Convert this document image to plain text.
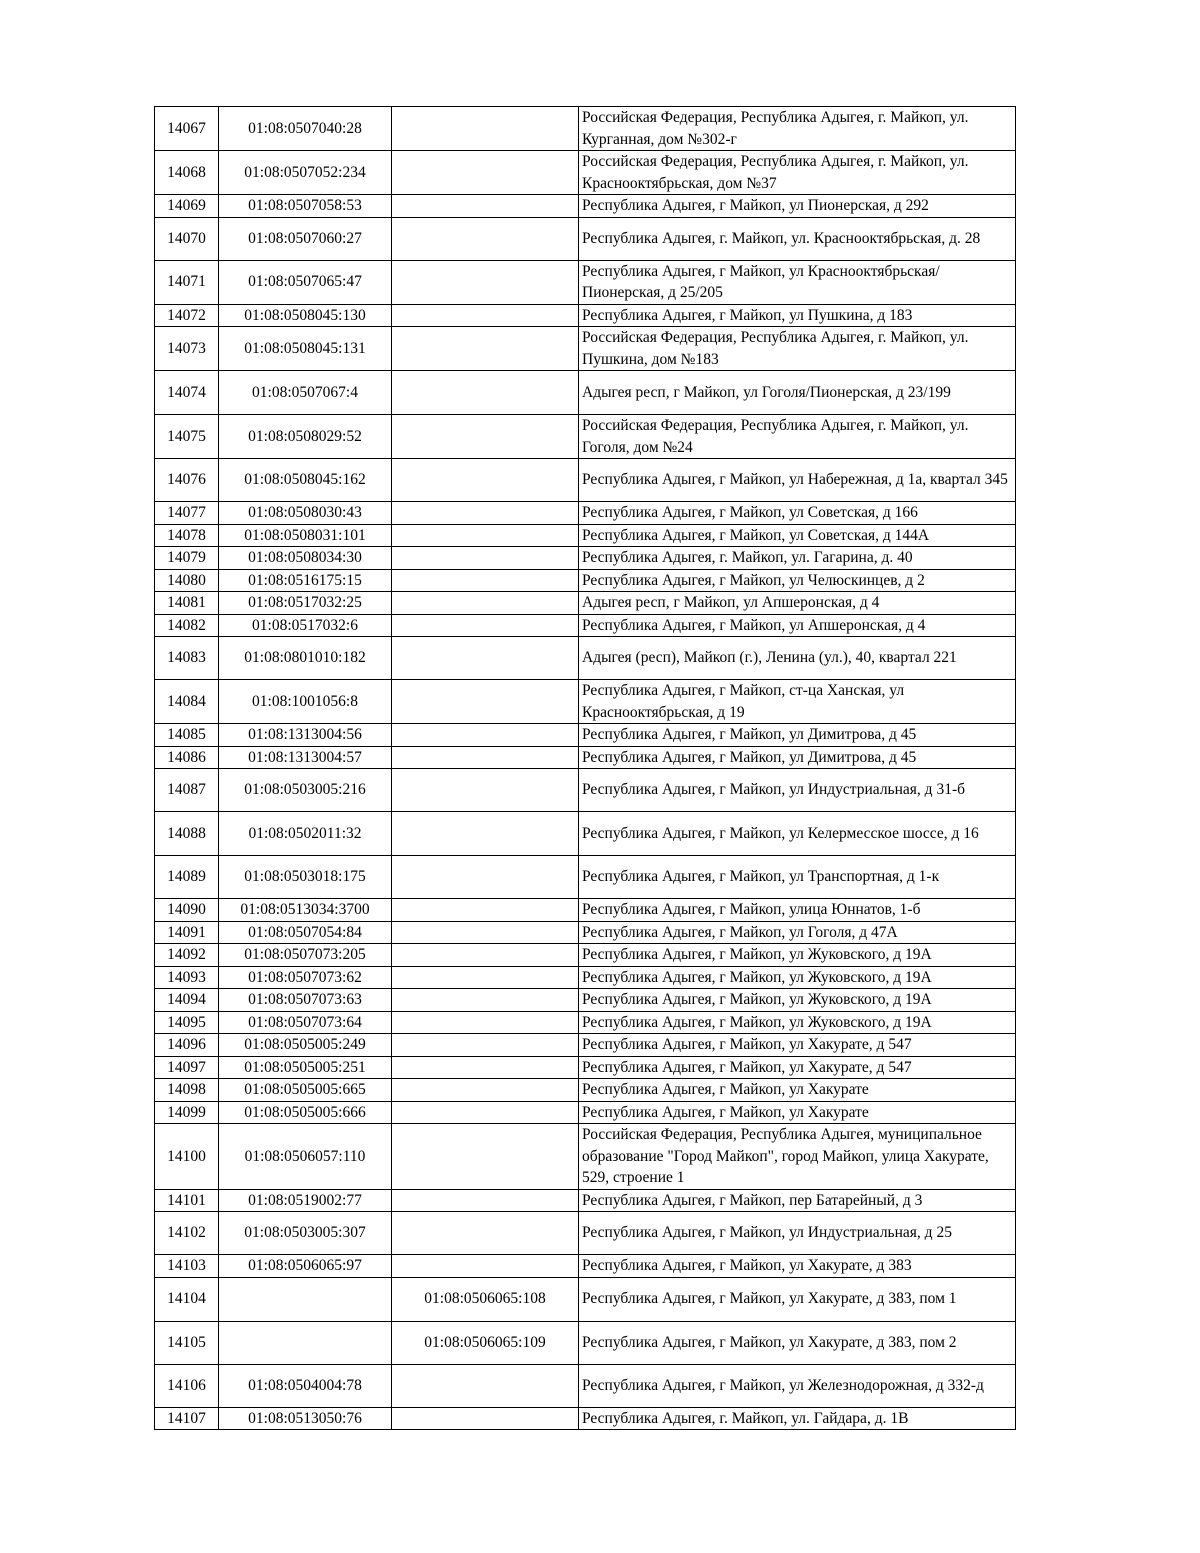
14067	01:08:0507040:28		Российская Федерация, Республика Адыгея, г. Майкоп, ул. Курганная, дом №302-г
14068	01:08:0507052:234		Российская Федерация, Республика Адыгея, г. Майкоп, ул. Краснооктябрьская, дом №37
14069	01:08:0507058:53		Республика Адыгея, г Майкоп, ул Пионерская, д 292
14070	01:08:0507060:27		Республика Адыгея, г. Майкоп, ул. Краснооктябрьская, д. 28
14071	01:08:0507065:47		Республика Адыгея, г Майкоп, ул Краснооктябрьская/Пионерская, д 25/205
14072	01:08:0508045:130		Республика Адыгея, г Майкоп, ул Пушкина, д 183
14073	01:08:0508045:131		Российская Федерация, Республика Адыгея, г. Майкоп, ул. Пушкина, дом №183
14074	01:08:0507067:4		Адыгея респ, г Майкоп, ул Гоголя/Пионерская, д 23/199
14075	01:08:0508029:52		Российская Федерация, Республика Адыгея, г. Майкоп, ул. Гоголя, дом №24
14076	01:08:0508045:162		Республика Адыгея, г Майкоп, ул Набережная, д 1а, квартал 345
14077	01:08:0508030:43		Республика Адыгея, г Майкоп, ул Советская, д 166
14078	01:08:0508031:101		Республика Адыгея, г Майкоп, ул Советская, д 144А
14079	01:08:0508034:30		Республика Адыгея, г. Майкоп, ул. Гагарина, д. 40
14080	01:08:0516175:15		Республика Адыгея, г Майкоп, ул Челюскинцев, д 2
14081	01:08:0517032:25		Адыгея респ, г Майкоп, ул Апшеронская, д 4
14082	01:08:0517032:6		Республика Адыгея, г Майкоп, ул Апшеронская, д 4
14083	01:08:0801010:182		Адыгея (респ), Майкоп (г.), Ленина (ул.), 40, квартал 221
14084	01:08:1001056:8		Республика Адыгея, г Майкоп, ст-ца Ханская, ул Краснооктябрьская, д 19
14085	01:08:1313004:56		Республика Адыгея, г Майкоп, ул Димитрова, д 45
14086	01:08:1313004:57		Республика Адыгея, г Майкоп, ул Димитрова, д 45
14087	01:08:0503005:216		Республика Адыгея, г Майкоп, ул Индустриальная, д 31-б
14088	01:08:0502011:32		Республика Адыгея, г Майкоп, ул Келермесское шоссе, д 16
14089	01:08:0503018:175		Республика Адыгея, г Майкоп, ул Транспортная, д 1-к
14090	01:08:0513034:3700		Республика Адыгея, г Майкоп, улица Юннатов, 1-б
14091	01:08:0507054:84		Республика Адыгея, г Майкоп, ул Гоголя, д 47А
14092	01:08:0507073:205		Республика Адыгея, г Майкоп, ул Жуковского, д 19А
14093	01:08:0507073:62		Республика Адыгея, г Майкоп, ул Жуковского, д 19А
14094	01:08:0507073:63		Республика Адыгея, г Майкоп, ул Жуковского, д 19А
14095	01:08:0507073:64		Республика Адыгея, г Майкоп, ул Жуковского, д 19А
14096	01:08:0505005:249		Республика Адыгея, г Майкоп, ул Хакурате, д 547
14097	01:08:0505005:251		Республика Адыгея, г Майкоп, ул Хакурате, д 547
14098	01:08:0505005:665		Республика Адыгея, г Майкоп, ул Хакурате
14099	01:08:0505005:666		Республика Адыгея, г Майкоп, ул Хакурате
14100	01:08:0506057:110		Российская Федерация, Республика Адыгея, муниципальное образование "Город Майкоп", город Майкоп, улица Хакурате, 529, строение 1
14101	01:08:0519002:77		Республика Адыгея, г Майкоп, пер Батарейный, д 3
14102	01:08:0503005:307		Республика Адыгея, г Майкоп, ул Индустриальная, д 25
14103	01:08:0506065:97		Республика Адыгея, г Майкоп, ул Хакурате, д 383
14104		01:08:0506065:108	Республика Адыгея, г Майкоп, ул Хакурате, д 383, пом 1
14105		01:08:0506065:109	Республика Адыгея, г Майкоп, ул Хакурате, д 383, пом 2
14106	01:08:0504004:78		Республика Адыгея, г Майкоп, ул Железнодорожная, д 332-д
14107	01:08:0513050:76		Республика Адыгея, г. Майкоп, ул. Гайдара, д. 1В
